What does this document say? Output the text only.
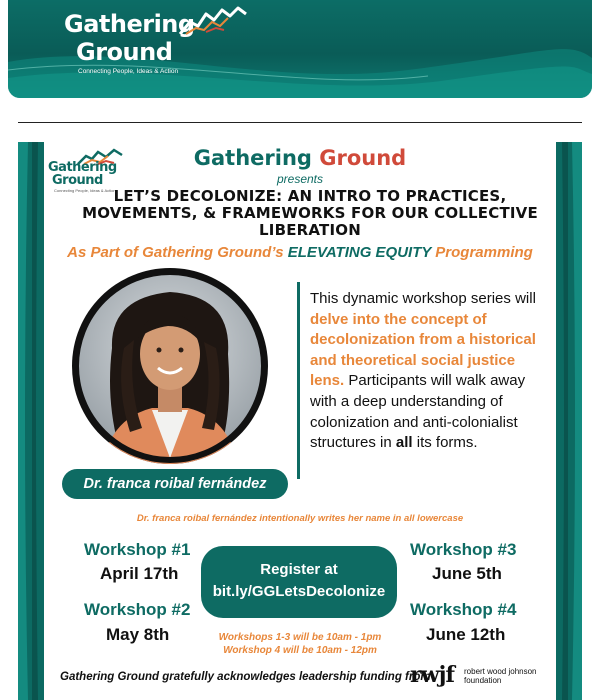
Gathering
Ground
Connecting People, Ideas & Action
Gathering
Ground
Connecting People, Ideas & Action
Gathering Ground
presents
LET’S DECOLONIZE: AN INTRO TO PRACTICES, MOVEMENTS, & FRAMEWORKS FOR OUR COLLECTIVE LIBERATION
As Part of Gathering Ground’s ELEVATING EQUITY Programming
Dr. franca roibal fernández
This dynamic workshop series will delve into the concept of decolonization from a historical and theoretical social justice lens. Participants will walk away with a deep understanding of colonization and anti-colonialist structures in all its forms.
Dr. franca roibal fernández intentionally writes her name in all lowercase
Workshop #1
April 17th
Workshop #2
May 8th
Workshop #3
June 5th
Workshop #4
June 12th
Register at
bit.ly/GGLetsDecolonize
Workshops 1-3 will be 10am - 1pm
Workshop 4 will be 10am - 12pm
Gathering Ground gratefully acknowledges leadership funding from
rwjf robert wood johnson foundation
